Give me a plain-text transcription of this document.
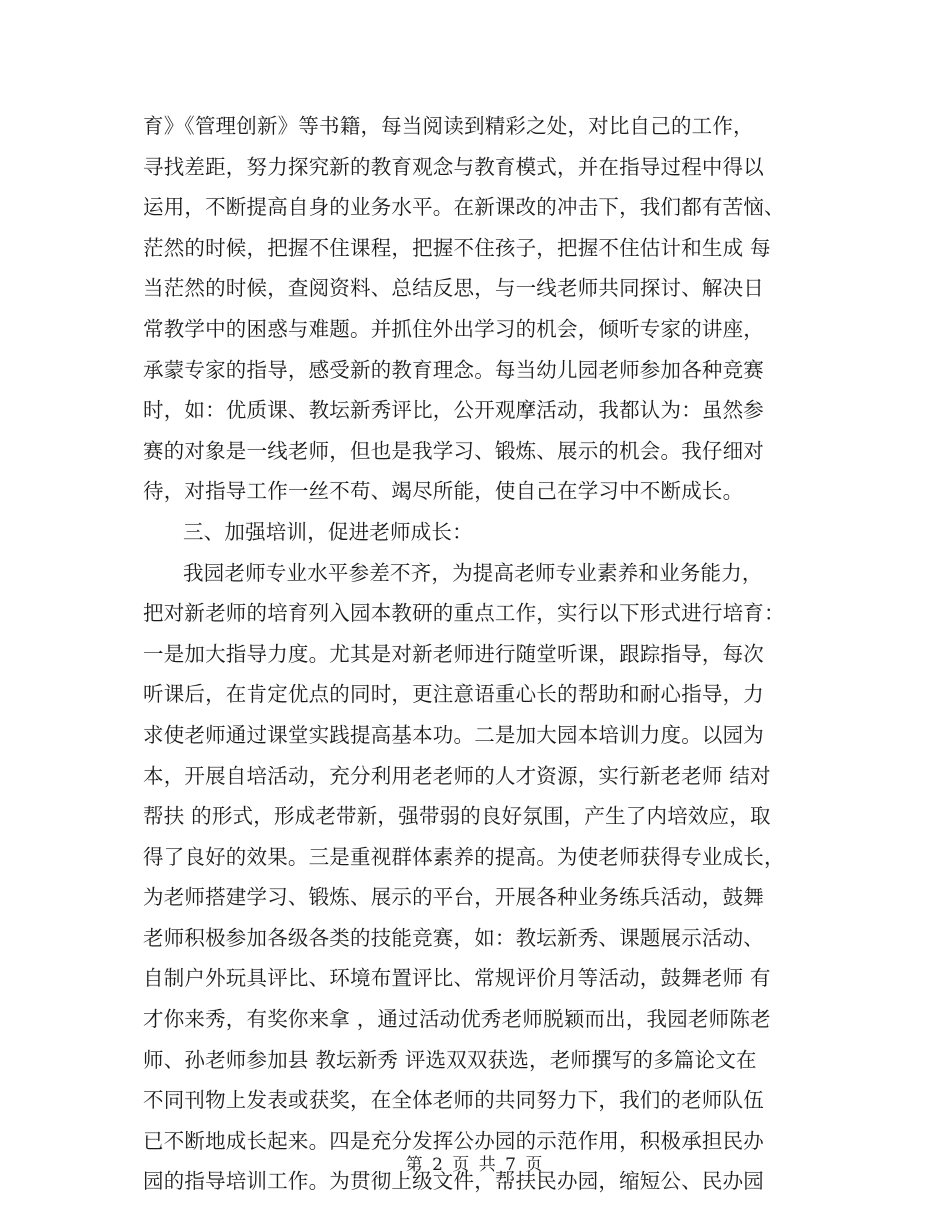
育》《管理创新》等书籍，每当阅读到精彩之处，对比自己的工作，
寻找差距，努力探究新的教育观念与教育模式，并在指导过程中得以
运用，不断提高自身的业务水平。在新课改的冲击下，我们都有苦恼、
茫然的时候，把握不住课程，把握不住孩子，把握不住估计和生成 每
当茫然的时候，查阅资料、总结反思，与一线老师共同探讨、解决日
常教学中的困惑与难题。并抓住外出学习的机会，倾听专家的讲座，
承蒙专家的指导，感受新的教育理念。每当幼儿园老师参加各种竞赛
时，如：优质课、教坛新秀评比，公开观摩活动，我都认为：虽然参
赛的对象是一线老师，但也是我学习、锻炼、展示的机会。我仔细对
待，对指导工作一丝不苟、竭尽所能，使自己在学习中不断成长。
三、加强培训，促进老师成长：
我园老师专业水平参差不齐，为提高老师专业素养和业务能力，
把对新老师的培育列入园本教研的重点工作，实行以下形式进行培育：
一是加大指导力度。尤其是对新老师进行随堂听课，跟踪指导，每次
听课后，在肯定优点的同时，更注意语重心长的帮助和耐心指导，力
求使老师通过课堂实践提高基本功。二是加大园本培训力度。以园为
本，开展自培活动，充分利用老老师的人才资源，实行新老老师 结对
帮扶 的形式，形成老带新，强带弱的良好氛围，产生了内培效应，取
得了良好的效果。三是重视群体素养的提高。为使老师获得专业成长，
为老师搭建学习、锻炼、展示的平台，开展各种业务练兵活动，鼓舞
老师积极参加各级各类的技能竞赛，如：教坛新秀、课题展示活动、
自制户外玩具评比、环境布置评比、常规评价月等活动，鼓舞老师 有
才你来秀，有奖你来拿 ，通过活动优秀老师脱颖而出，我园老师陈老
师、孙老师参加县 教坛新秀 评选双双获选，老师撰写的多篇论文在
不同刊物上发表或获奖，在全体老师的共同努力下，我们的老师队伍
已不断地成长起来。四是充分发挥公办园的示范作用，积极承担民办
园的指导培训工作。为贯彻上级文件，帮扶民办园，缩短公、民办园
第 2 页 共 7 页
